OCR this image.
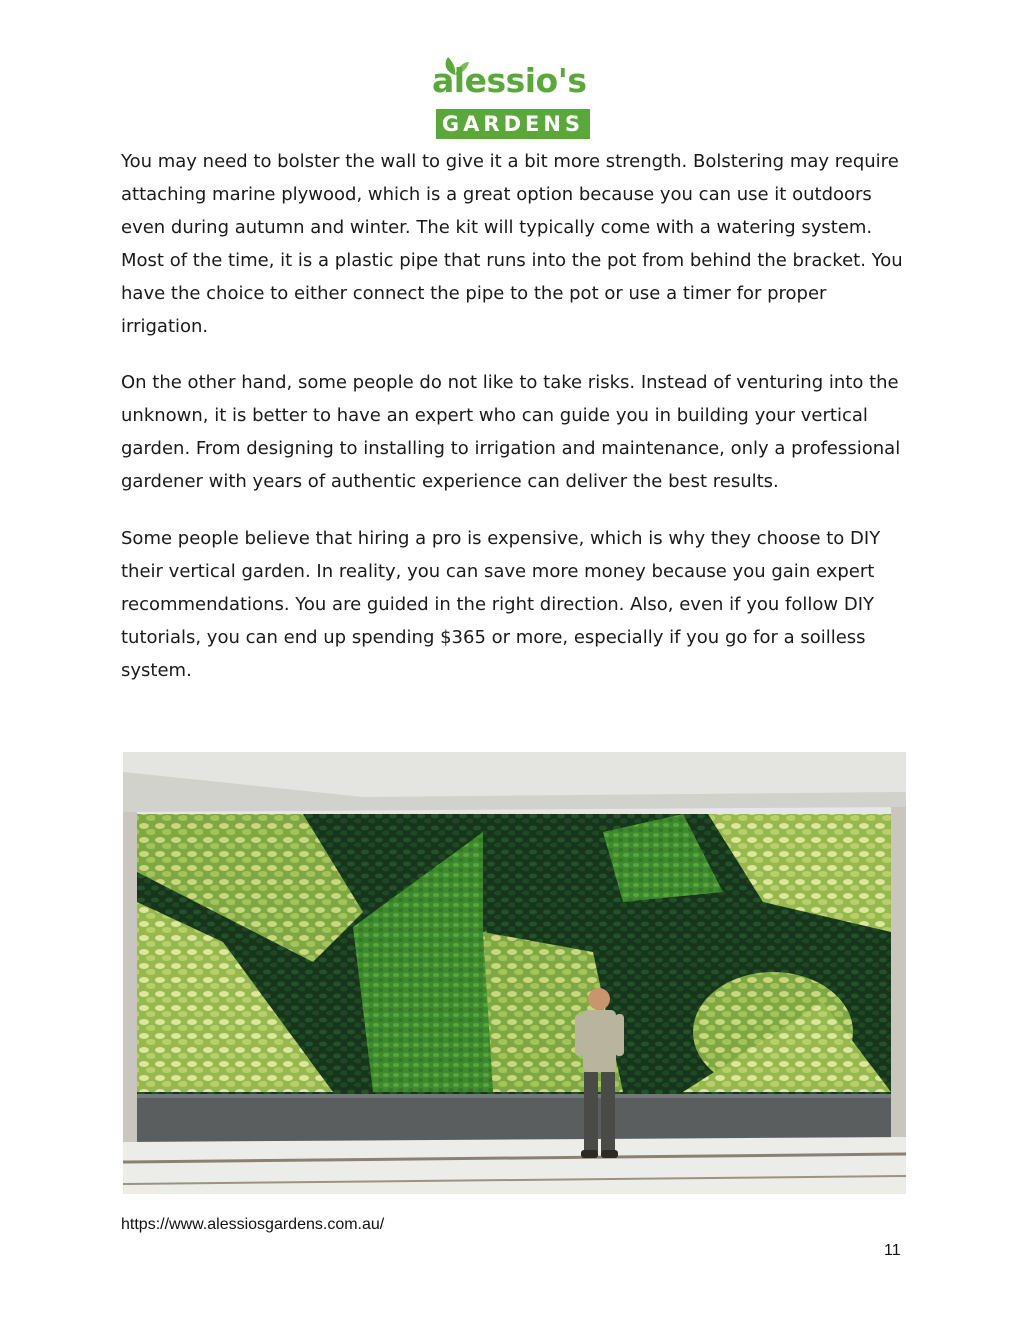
alessio's
GARDENS

You may need to bolster the wall to give it a bit more strength. Bolstering may require attaching marine plywood, which is a great option because you can use it outdoors even during autumn and winter. The kit will typically come with a watering system. Most of the time, it is a plastic pipe that runs into the pot from behind the bracket. You have the choice to either connect the pipe to the pot or use a timer for proper irrigation.

On the other hand, some people do not like to take risks. Instead of venturing into the unknown, it is better to have an expert who can guide you in building your vertical garden. From designing to installing to irrigation and maintenance, only a professional gardener with years of authentic experience can deliver the best results.

Some people believe that hiring a pro is expensive, which is why they choose to DIY their vertical garden. In reality, you can save more money because you gain expert recommendations. You are guided in the right direction. Also, even if you follow DIY tutorials, you can end up spending $365 or more, especially if you go for a soilless system.

https://www.alessiosgardens.com.au/
11
